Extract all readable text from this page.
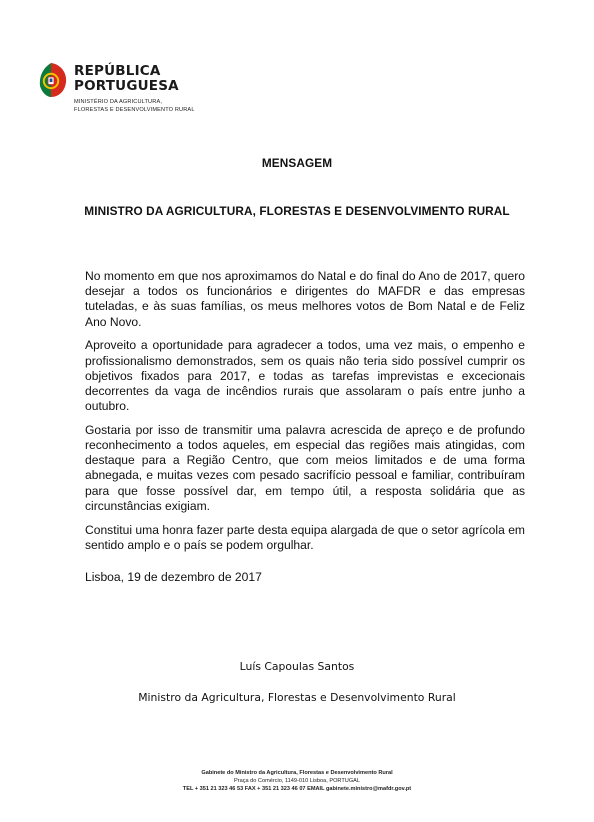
REPÚBLICA
PORTUGUESA
MINISTÉRIO DA AGRICULTURA,
FLORESTAS E DESENVOLVIMENTO RURAL
MENSAGEM
MINISTRO DA AGRICULTURA, FLORESTAS E DESENVOLVIMENTO RURAL

No momento em que nos aproximamos do Natal e do final do Ano de 2017, quero desejar a todos os funcionários e dirigentes do MAFDR e das empresas tuteladas, e às suas famílias, os meus melhores votos de Bom Natal e de Feliz Ano Novo.

Aproveito a oportunidade para agradecer a todos, uma vez mais, o empenho e profissionalismo demonstrados, sem os quais não teria sido possível cumprir os objetivos fixados para 2017, e todas as tarefas imprevistas e excecionais decorrentes da vaga de incêndios rurais que assolaram o país entre junho a outubro.

Gostaria por isso de transmitir uma palavra acrescida de apreço e de profundo reconhecimento a todos aqueles, em especial das regiões mais atingidas, com destaque para a Região Centro, que com meios limitados e de uma forma abnegada, e muitas vezes com pesado sacrifício pessoal e familiar, contribuíram para que fosse possível dar, em tempo útil, a resposta solidária que as circunstâncias exigiam.

Constitui uma honra fazer parte desta equipa alargada de que o setor agrícola em sentido amplo e o país se podem orgulhar.

Lisboa, 19 de dezembro de 2017
Luís Capoulas Santos
Ministro da Agricultura, Florestas e Desenvolvimento Rural
Gabinete do Ministro da Agricultura, Florestas e Desenvolvimento Rural
Praça do Comércio, 1149-010 Lisboa, PORTUGAL
TEL + 351 21 323 46 53 FAX + 351 21 323 46 07 EMAIL gabinete.ministro@mafdr.gov.pt
